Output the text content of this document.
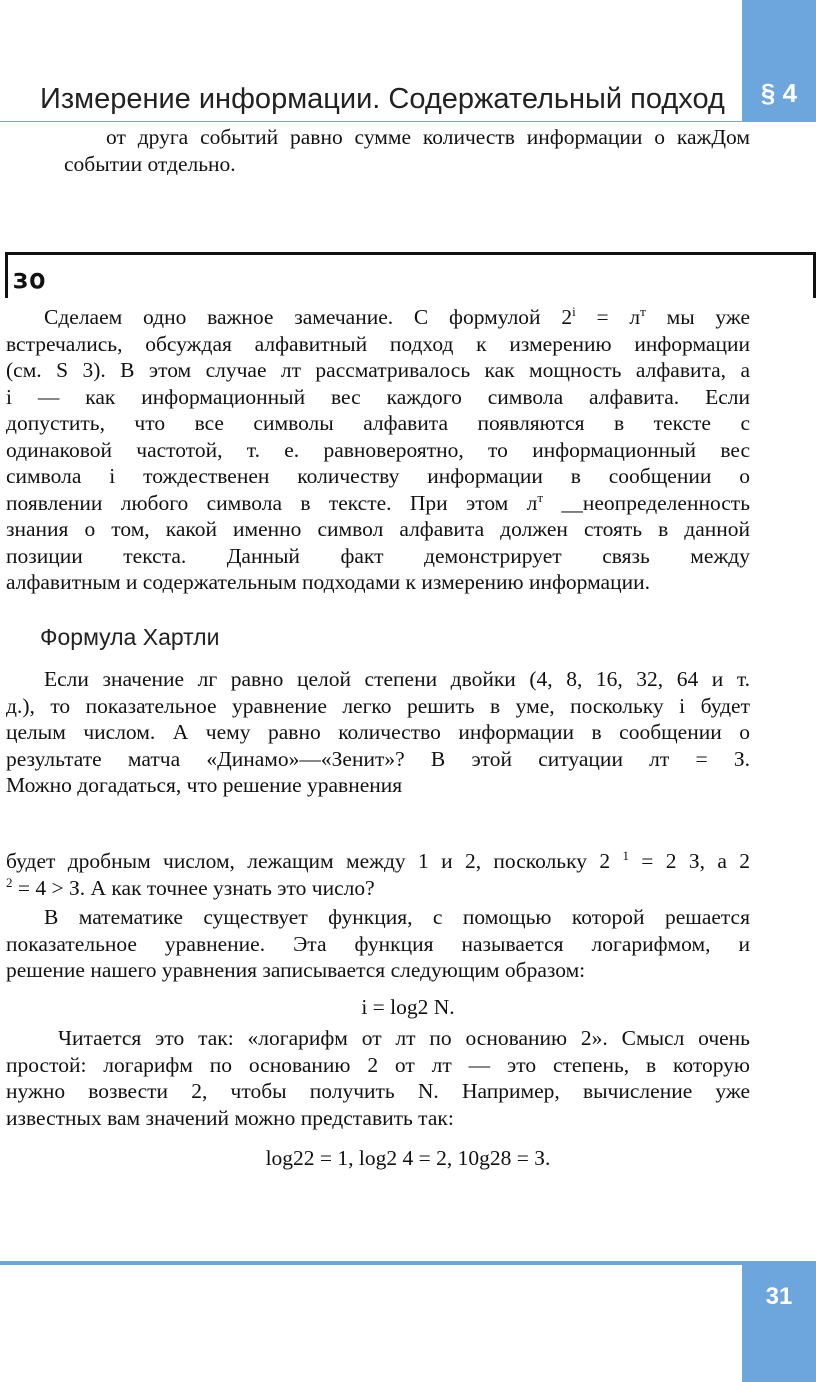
§ 4
Измерение информации. Содержательный подход
от друга событий равно сумме количеств информации о кажДом
событии отдельно.
зо
Сделаем одно важное замечание. С формулой $2^i = л^т$ мы уже
встречались, обсуждая алфавитный подход к измерению информации
(см. S 3). В этом случае лт рассматривалось как мощность алфавита, а
i — как информационный вес каждого символа алфавита. Если
допустить, что все символы алфавита появляются в тексте с
одинаковой частотой, т. е. равновероятно, то информационный вес
символа i тождественен количеству информации в сообщении о
появлении любого символа в тексте. При этом $л^т$ __неопределенность
знания о том, какой именно символ алфавита должен стоять в данной
позиции текста. Данный факт демонстрирует связь между
алфавитным и содержательным подходами к измерению информации.
Формула Хартли
Если значение лг равно целой степени двойки (4, 8, 16, 32, 64 и т.
д.), то показательное уравнение легко решить в уме, поскольку i будет
целым числом. А чему равно количество информации в сообщении о
результате матча «Динамо»—«Зенит»? В этой ситуации лт = З.
Можно догадаться, что решение уравнения
будет дробным числом, лежащим между 1 и 2, поскольку 2 $^1$ = 2 З, а 2
$^2$ = 4 > З. А как точнее узнать это число?
В математике существует функция, с помощью которой решается
показательное уравнение. Эта функция называется логарифмом, и
решение нашего уравнения записывается следующим образом:
i = log2 N.
Читается это так: «логарифм от лт по основанию 2». Смысл очень
простой: логарифм по основанию 2 от лт — это степень, в которую
нужно возвести 2, чтобы получить N. Например, вычисление уже
известных вам значений можно представить так:
log22 = 1, log2 4 = 2, 10g28 = З.
31
